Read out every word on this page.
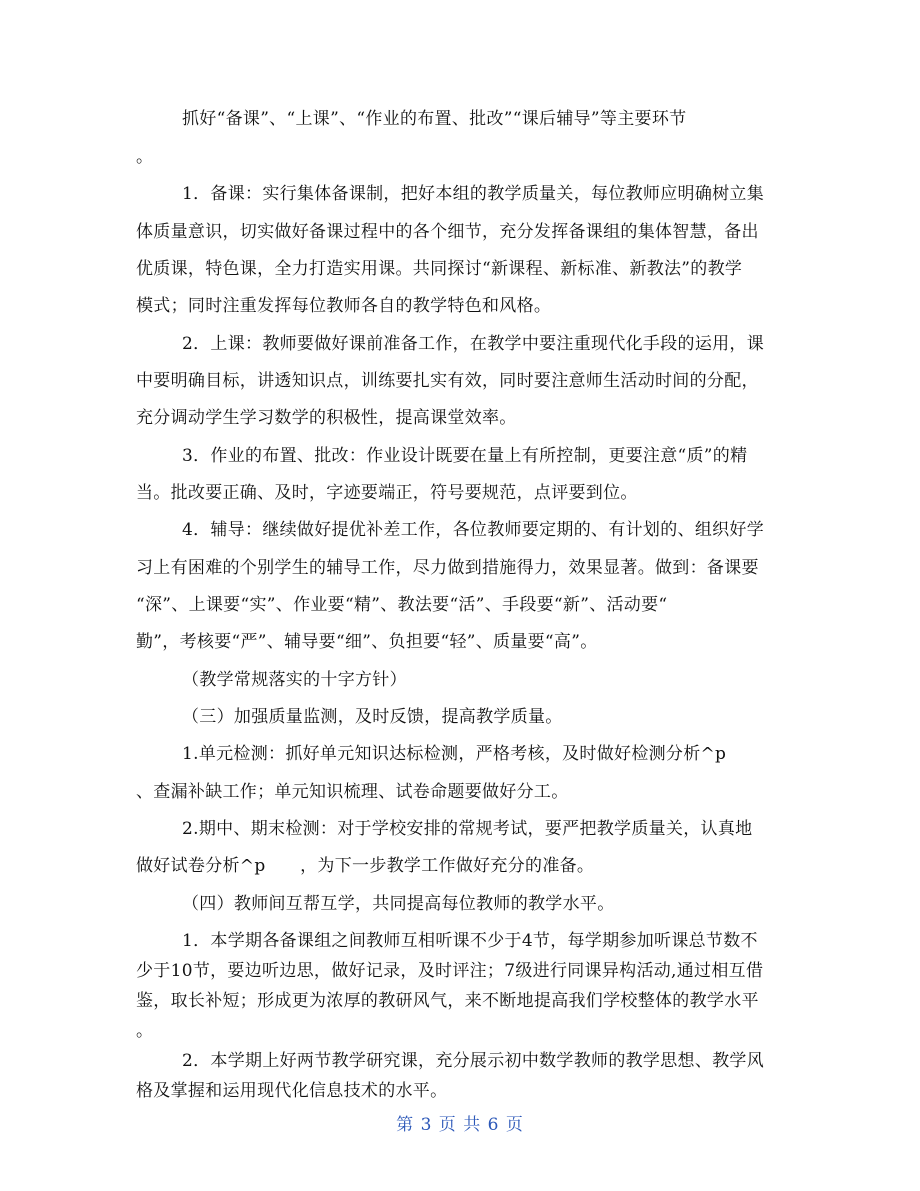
抓好“备课”、“上课”、“作业的布置、批改”“课后辅导”等主要环节
。
1．备课：实行集体备课制，把好本组的教学质量关，每位教师应明确树立集
体质量意识，切实做好备课过程中的各个细节，充分发挥备课组的集体智慧，备出
优质课，特色课，全力打造实用课。共同探讨“新课程、新标准、新教法”的教学
模式；同时注重发挥每位教师各自的教学特色和风格。
2．上课：教师要做好课前准备工作，在教学中要注重现代化手段的运用，课
中要明确目标，讲透知识点，训练要扎实有效，同时要注意师生活动时间的分配，
充分调动学生学习数学的积极性，提高课堂效率。
3．作业的布置、批改：作业设计既要在量上有所控制，更要注意“质”的精
当。批改要正确、及时，字迹要端正，符号要规范，点评要到位。
4．辅导：继续做好提优补差工作，各位教师要定期的、有计划的、组织好学
习上有困难的个别学生的辅导工作，尽力做到措施得力，效果显著。做到：备课要
“深”、上课要“实”、作业要“精”、教法要“活”、手段要“新”、活动要“
勤”，考核要“严”、辅导要“细”、负担要“轻”、质量要“高”。
（教学常规落实的十字方针）
（三）加强质量监测，及时反馈，提高教学质量。
1.单元检测：抓好单元知识达标检测，严格考核，及时做好检测分析^p
、查漏补缺工作；单元知识梳理、试卷命题要做好分工。
2.期中、期末检测：对于学校安排的常规考试，要严把教学质量关，认真地
做好试卷分析^p　　，为下一步教学工作做好充分的准备。
（四）教师间互帮互学，共同提高每位教师的教学水平。
1．本学期各备课组之间教师互相听课不少于4节，每学期参加听课总节数不
少于10节，要边听边思，做好记录，及时评注；7级进行同课异构活动,通过相互借
鉴，取长补短；形成更为浓厚的教研风气，来不断地提高我们学校整体的教学水平
。
2．本学期上好两节教学研究课，充分展示初中数学教师的教学思想、教学风
第 3 页 共 6 页
格及掌握和运用现代化信息技术的水平。
